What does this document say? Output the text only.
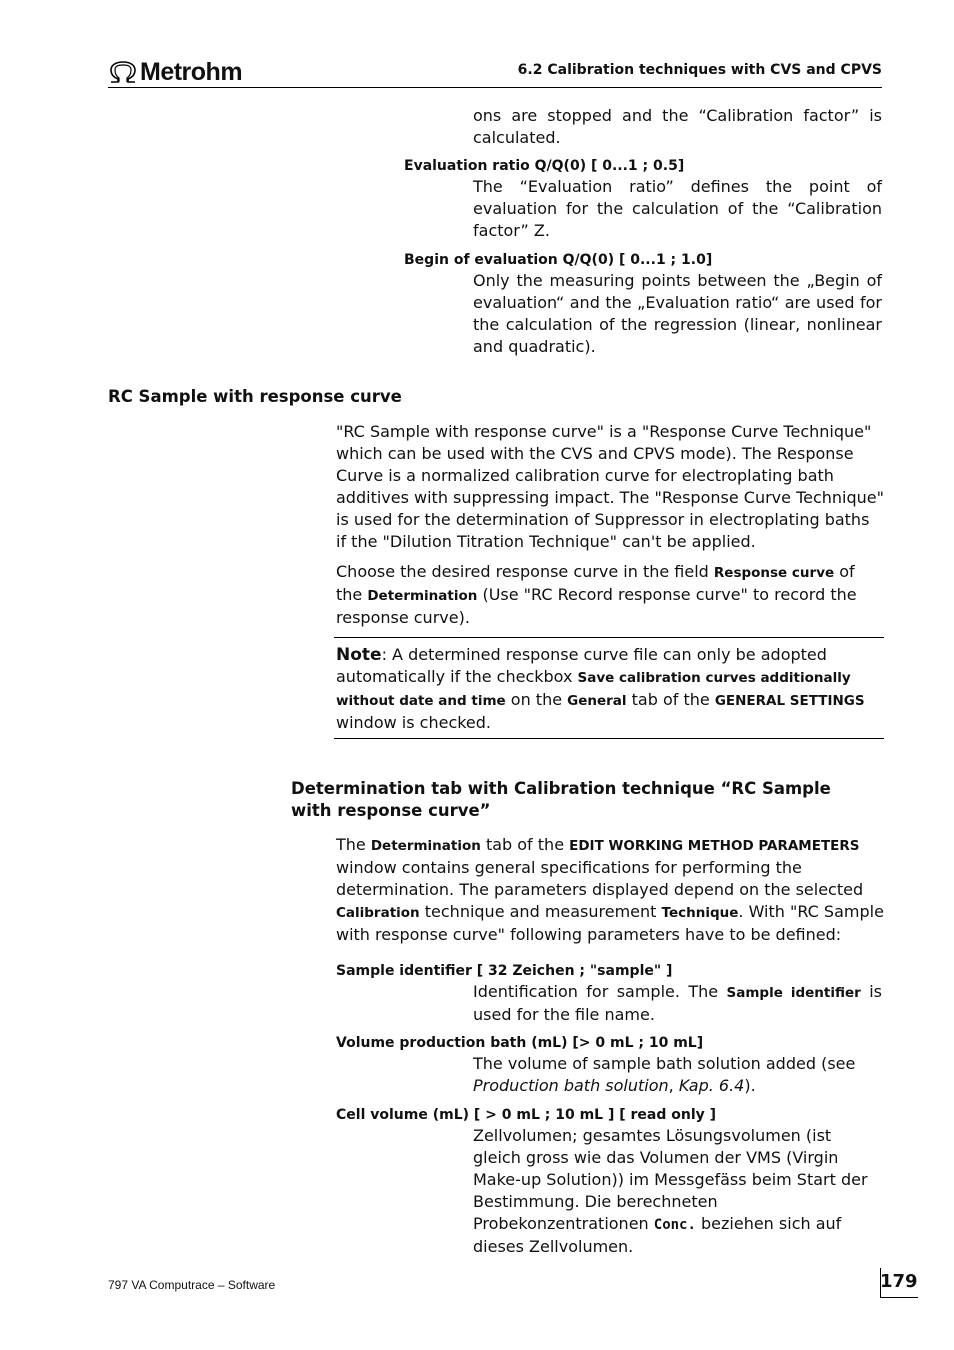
Metrohm	6.2 Calibration techniques with CVS and CPVS
ons are stopped and the “Calibration factor” is calculated.
Evaluation ratio Q/Q(0) [ 0...1 ; 0.5]
The “Evaluation ratio” defines the point of evaluation for the calculation of the “Calibration factor” Z.
Begin of evaluation Q/Q(0) [ 0...1 ; 1.0]
Only the measuring points between the „Begin of evaluation“ and the „Evaluation ratio“ are used for the calculation of the regression (linear, nonlinear and quadratic).
RC Sample with response curve
"RC Sample with response curve" is a "Response Curve Technique" which can be used with the CVS and CPVS mode). The Response Curve is a normalized calibration curve for electroplating bath additives with suppressing impact. The "Response Curve Technique" is used for the determination of Suppressor in electroplating baths if the "Dilution Titration Technique" can't be applied.
Choose the desired response curve in the field Response curve of the Determination (Use "RC Record response curve" to record the response curve).
Note: A determined response curve file can only be adopted automatically if the checkbox Save calibration curves additionally without date and time on the General tab of the GENERAL SETTINGS window is checked.
Determination tab with Calibration technique “RC Sample with response curve”
The Determination tab of the EDIT WORKING METHOD PARAMETERS window contains general specifications for performing the determination. The parameters displayed depend on the selected Calibration technique and measurement Technique. With "RC Sample with response curve" following parameters have to be defined:
Sample identifier [ 32 Zeichen ; "sample" ]
Identification for sample. The Sample identifier is used for the file name.
Volume production bath (mL) [> 0 mL ; 10 mL]
The volume of sample bath solution added (see Production bath solution, Kap. 6.4).
Cell volume (mL) [ > 0 mL ; 10 mL ] [ read only ]
Zellvolumen; gesamtes Lösungsvolumen (ist gleich gross wie das Volumen der VMS (Virgin Make-up Solution)) im Messgefäss beim Start der Bestimmung. Die berechneten Probekonzentrationen Conc. beziehen sich auf dieses Zellvolumen.
797 VA Computrace – Software	179
